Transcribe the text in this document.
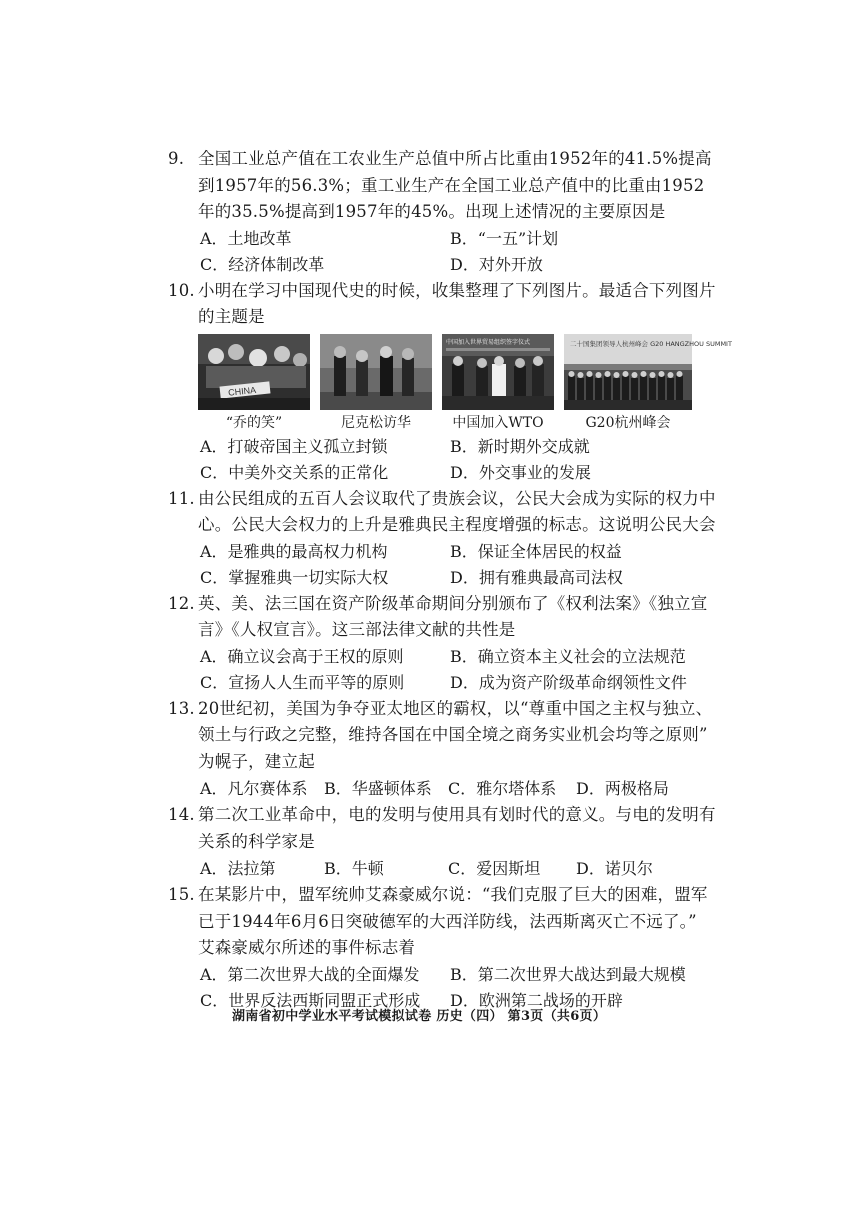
9. 全国工业总产值在工农业生产总值中所占比重由1952年的41.5%提高
到1957年的56.3%；重工业生产在全国工业总产值中的比重由1952
年的35.5%提高到1957年的45%。出现上述情况的主要原因是
A．土地改革	B．“一五”计划
C．经济体制改革	D．对外开放
10. 小明在学习中国现代史的时候，收集整理了下列图片。最适合下列图片
的主题是
CHINA
“乔的笑”	尼克松访华
中国加入世界贸易组织签字仪式
中国加入WTO
二十国集团领导人杭州峰会 G20 HANGZHOU SUMMIT
G20杭州峰会
A．打破帝国主义孤立封锁	B．新时期外交成就
C．中美外交关系的正常化	D．外交事业的发展
11. 由公民组成的五百人会议取代了贵族会议，公民大会成为实际的权力中
心。公民大会权力的上升是雅典民主程度增强的标志。这说明公民大会
A．是雅典的最高权力机构	B．保证全体居民的权益
C．掌握雅典一切实际大权	D．拥有雅典最高司法权
12. 英、美、法三国在资产阶级革命期间分别颁布了《权利法案》《独立宣
言》《人权宣言》。这三部法律文献的共性是
A．确立议会高于王权的原则	B．确立资本主义社会的立法规范
C．宣扬人人生而平等的原则	D．成为资产阶级革命纲领性文件
13. 20世纪初，美国为争夺亚太地区的霸权，以“尊重中国之主权与独立、
领土与行政之完整，维持各国在中国全境之商务实业机会均等之原则”
为幌子，建立起
A．凡尔赛体系	B．华盛顿体系	C．雅尔塔体系	D．两极格局
14. 第二次工业革命中，电的发明与使用具有划时代的意义。与电的发明有
关系的科学家是
A．法拉第	B．牛顿	C．爱因斯坦	D．诺贝尔
15. 在某影片中，盟军统帅艾森豪威尔说：“我们克服了巨大的困难，盟军
已于1944年6月6日突破德军的大西洋防线，法西斯离灭亡不远了。”
艾森豪威尔所述的事件标志着
A．第二次世界大战的全面爆发	B．第二次世界大战达到最大规模
C．世界反法西斯同盟正式形成	D．欧洲第二战场的开辟
湖南省初中学业水平考试模拟试卷 历史（四） 第3页（共6页）
